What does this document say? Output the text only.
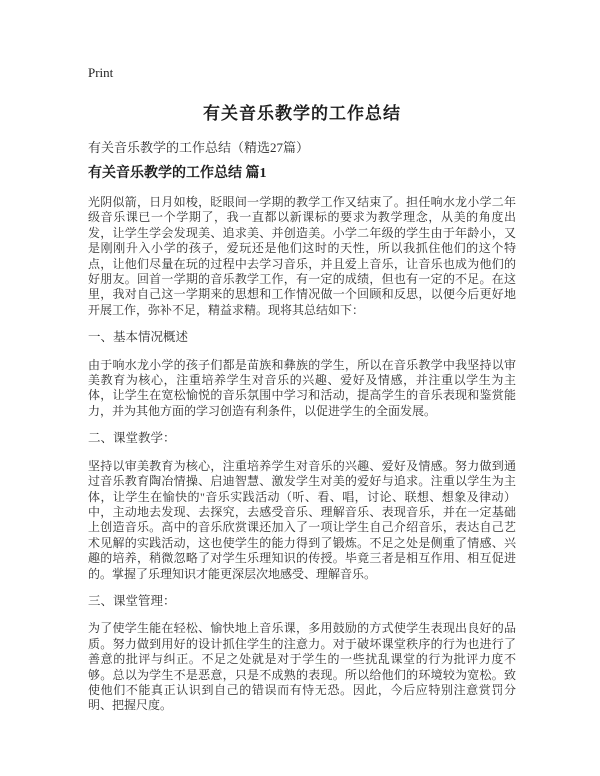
Print
有关音乐教学的工作总结
有关音乐教学的工作总结（精选27篇）
有关音乐教学的工作总结 篇1

光阴似箭，日月如梭，眨眼间一学期的教学工作又结束了。担任响水龙小学二年级音乐课已一个学期了，我一直都以新课标的要求为教学理念，从美的角度出发，让学生学会发现美、追求美、并创造美。小学二年级的学生由于年龄小，又是刚刚升入小学的孩子，爱玩还是他们这时的天性，所以我抓住他们的这个特点，让他们尽量在玩的过程中去学习音乐，并且爱上音乐，让音乐也成为他们的好朋友。回首一学期的音乐教学工作，有一定的成绩，但也有一定的不足。在这里，我对自己这一学期来的思想和工作情况做一个回顾和反思，以便今后更好地开展工作，弥补不足，精益求精。现将其总结如下：

一、基本情况概述

由于响水龙小学的孩子们都是苗族和彝族的学生，所以在音乐教学中我坚持以审美教育为核心，注重培养学生对音乐的兴趣、爱好及情感，并注重以学生为主体，让学生在宽松愉悦的音乐氛围中学习和活动，提高学生的音乐表现和鉴赏能力，并为其他方面的学习创造有利条件，以促进学生的全面发展。

二、课堂教学：

坚持以审美教育为核心，注重培养学生对音乐的兴趣、爱好及情感。努力做到通过音乐教育陶冶情操、启迪智慧、激发学生对美的爱好与追求。注重以学生为主体，让学生在愉快的"音乐实践活动（听、看、唱，讨论、联想、想象及律动）中，主动地去发现、去探究，去感受音乐、理解音乐、表现音乐，并在一定基础上创造音乐。高中的音乐欣赏课还加入了一项让学生自己介绍音乐，表达自己艺术见解的实践活动，这也使学生的能力得到了锻炼。不足之处是侧重了情感、兴趣的培养，稍微忽略了对学生乐理知识的传授。毕竟三者是相互作用、相互促进的。掌握了乐理知识才能更深层次地感受、理解音乐。

三、课堂管理：

为了使学生能在轻松、愉快地上音乐课，多用鼓励的方式使学生表现出良好的品质。努力做到用好的设计抓住学生的注意力。对于破坏课堂秩序的行为也进行了善意的批评与纠正。不足之处就是对于学生的一些扰乱课堂的行为批评力度不够。总以为学生不是恶意，只是不成熟的表现。所以给他们的环境较为宽松。致使他们不能真正认识到自己的错误而有恃无恐。因此，今后应特别注意赏罚分明、把握尺度。
